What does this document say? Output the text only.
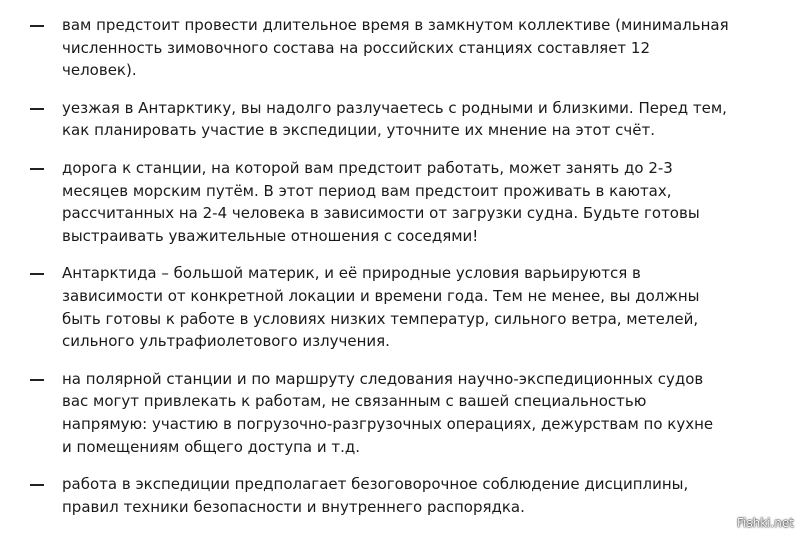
вам предстоит провести длительное время в замкнутом коллективе (минимальная
численность зимовочного состава на российских станциях составляет 12
человек).
уезжая в Антарктику, вы надолго разлучаетесь с родными и близкими. Перед тем,
как планировать участие в экспедиции, уточните их мнение на этот счёт.
дорога к станции, на которой вам предстоит работать, может занять до 2-3
месяцев морским путём. В этот период вам предстоит проживать в каютах,
рассчитанных на 2-4 человека в зависимости от загрузки судна. Будьте готовы
выстраивать уважительные отношения с соседями!
Антарктида – большой материк, и её природные условия варьируются в
зависимости от конкретной локации и времени года. Тем не менее, вы должны
быть готовы к работе в условиях низких температур, сильного ветра, метелей,
сильного ультрафиолетового излучения.
на полярной станции и по маршруту следования научно-экспедиционных судов
вас могут привлекать к работам, не связанным с вашей специальностью
напрямую: участию в погрузочно-разгрузочных операциях, дежурствам по кухне
и помещениям общего доступа и т.д.
работа в экспедиции предполагает безоговорочное соблюдение дисциплины,
правил техники безопасности и внутреннего распорядка.
Fishki.net
